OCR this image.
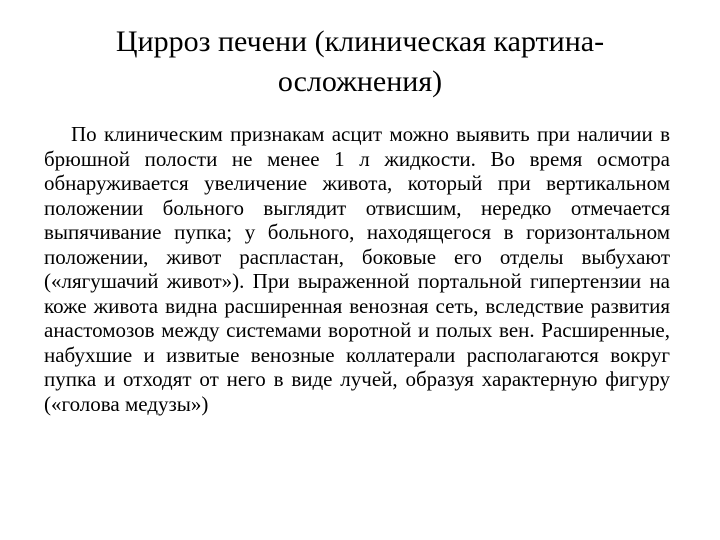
Цирроз печени (клиническая картина-
осложнения)

По клиническим признакам асцит можно выявить при наличии в брюшной полости не менее 1 л жидкости. Во время осмотра обнаруживается увеличение живота, который при вертикальном положении больного выглядит отвисшим, нередко отмечается выпячивание пупка; у больного, находящегося в горизонтальном положении, живот распластан, боковые его отделы выбухают («лягушачий живот»). При выраженной портальной гипертензии на коже живота видна расширенная венозная сеть, вследствие развития анастомозов между системами воротной и полых вен. Расширенные, набухшие и извитые венозные коллатерали располагаются вокруг пупка и отходят от него в виде лучей, образуя характерную фигуру («голова медузы»)
